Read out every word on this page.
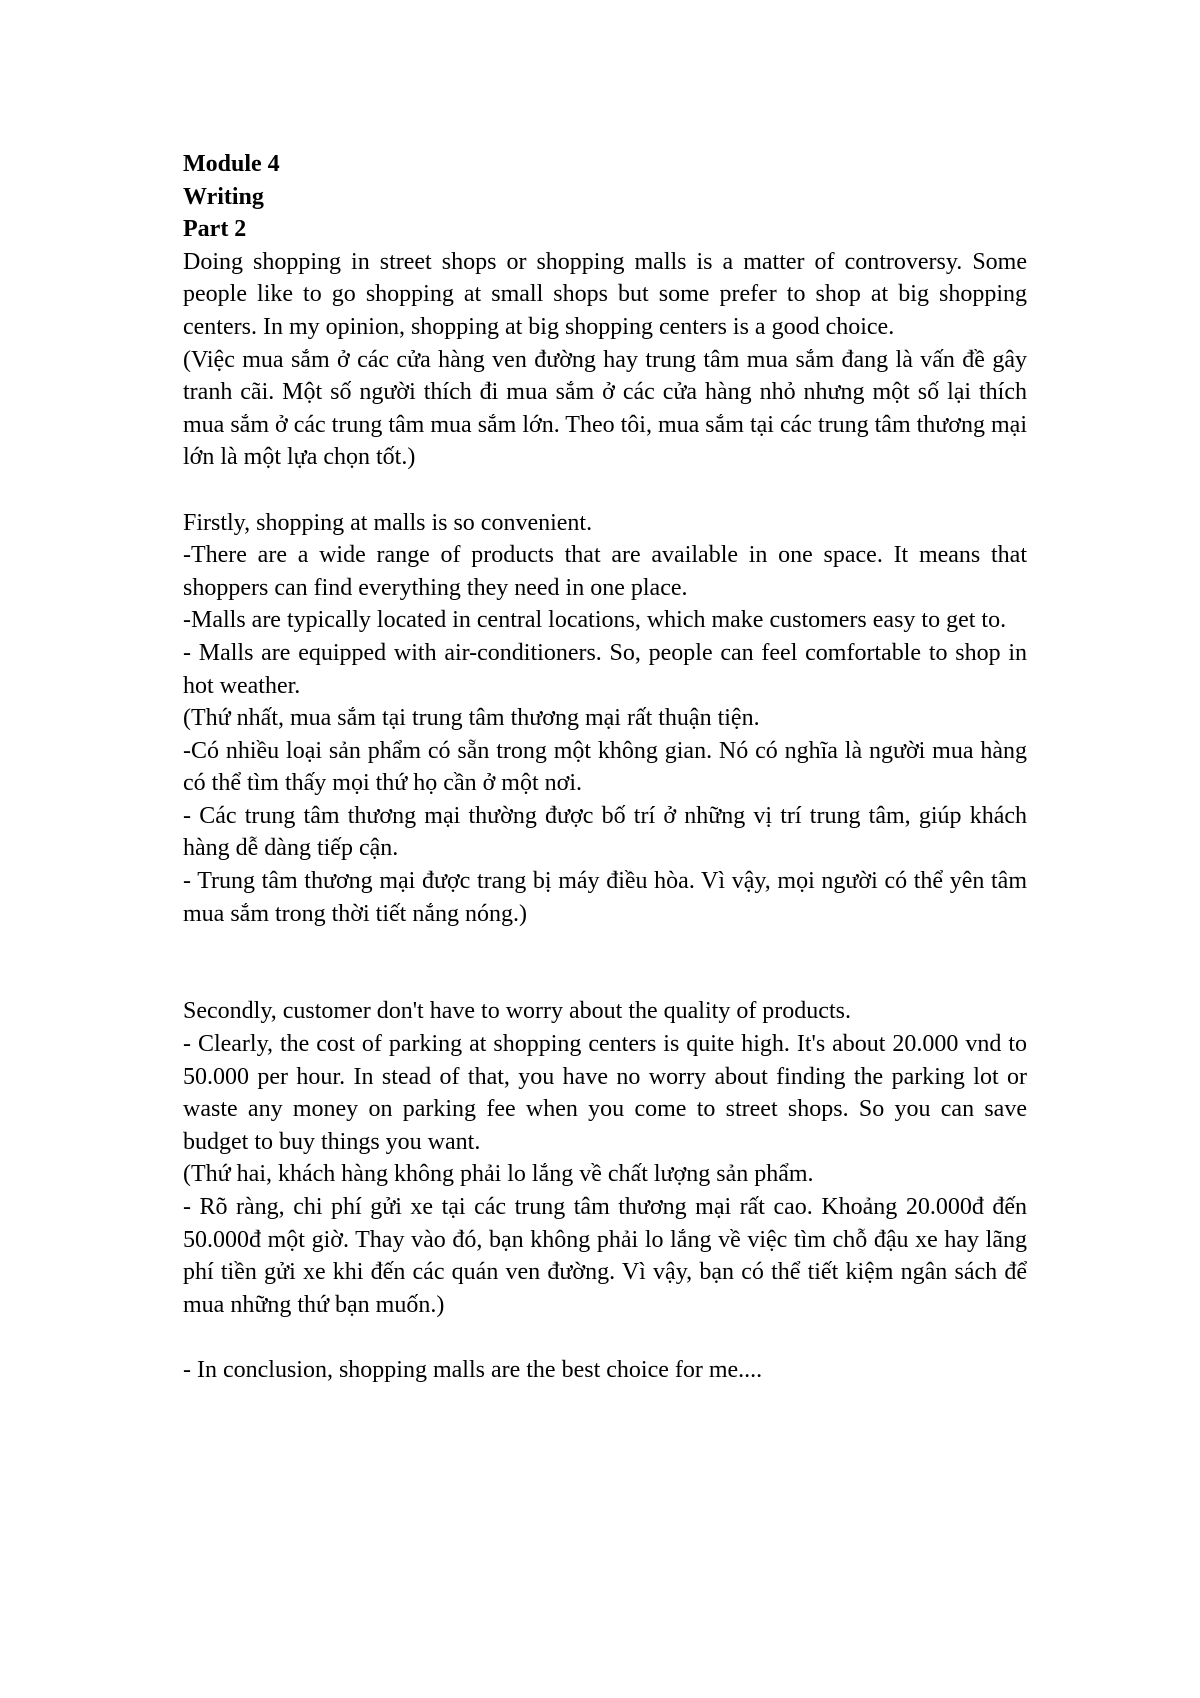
Module 4

Writing

Part 2

Doing shopping in street shops or shopping malls is a matter of controversy. Some people like to go shopping at small shops but some prefer to shop at big shopping centers. In my opinion, shopping at big shopping centers is a good choice.

(Việc mua sắm ở các cửa hàng ven đường hay trung tâm mua sắm đang là vấn đề gây tranh cãi. Một số người thích đi mua sắm ở các cửa hàng nhỏ nhưng một số lại thích mua sắm ở các trung tâm mua sắm lớn. Theo tôi, mua sắm tại các trung tâm thương mại lớn là một lựa chọn tốt.)

Firstly, shopping at malls is so convenient.

-There are a wide range of products that are available in one space. It means that shoppers can find everything they need in one place.

-Malls are typically located in central locations, which make customers easy to get to.

- Malls are equipped with air-conditioners. So, people can feel comfortable to shop in hot weather.

(Thứ nhất, mua sắm tại trung tâm thương mại rất thuận tiện.

-Có nhiều loại sản phẩm có sẵn trong một không gian. Nó có nghĩa là người mua hàng có thể tìm thấy mọi thứ họ cần ở một nơi.

- Các trung tâm thương mại thường được bố trí ở những vị trí trung tâm, giúp khách hàng dễ dàng tiếp cận.

- Trung tâm thương mại được trang bị máy điều hòa. Vì vậy, mọi người có thể yên tâm mua sắm trong thời tiết nắng nóng.)

Secondly, customer don't have to worry about the quality of products.

- Clearly, the cost of parking at shopping centers is quite high. It's about 20.000 vnd to 50.000 per hour. In stead of that, you have no worry about finding the parking lot or waste any money on parking fee when you come to street shops. So you can save budget to buy things you want.

(Thứ hai, khách hàng không phải lo lắng về chất lượng sản phẩm.

- Rõ ràng, chi phí gửi xe tại các trung tâm thương mại rất cao. Khoảng 20.000đ đến 50.000đ một giờ. Thay vào đó, bạn không phải lo lắng về việc tìm chỗ đậu xe hay lãng phí tiền gửi xe khi đến các quán ven đường. Vì vậy, bạn có thể tiết kiệm ngân sách để mua những thứ bạn muốn.)

- In conclusion, shopping malls are the best choice for me....
